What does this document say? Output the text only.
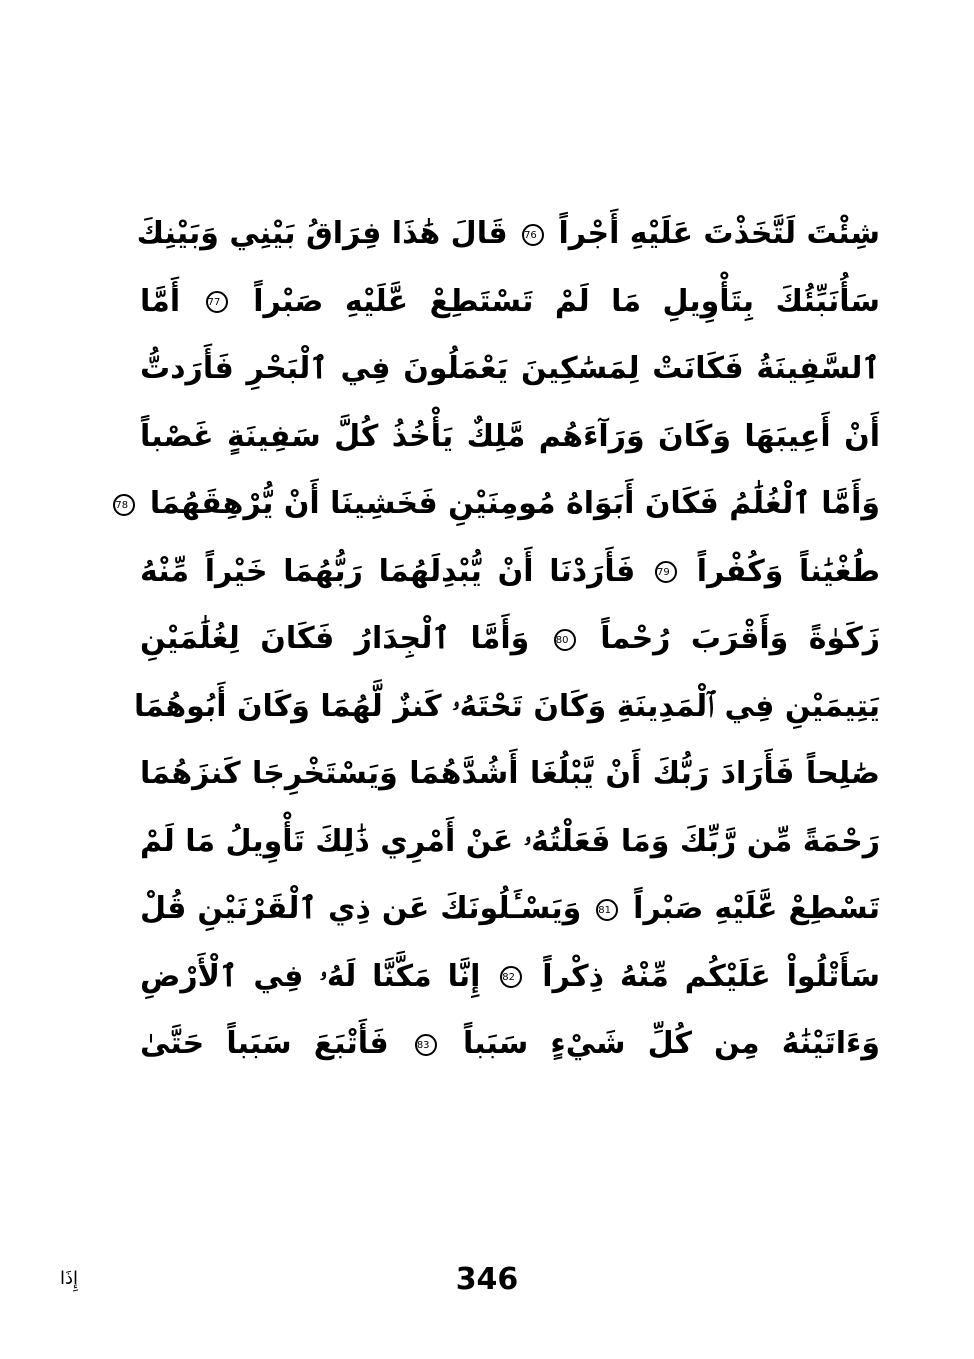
شِئْتَ لَتَّخَذْتَ عَلَيْهِ أَجْراً 76 قَالَ هَٰذَا فِرَاقُ بَيْنِي وَبَيْنِكَ
سَأُنَبِّئُكَ بِتَأْوِيلِ مَا لَمْ تَسْتَطِعْ عَّلَيْهِ صَبْراً 77 أَمَّا
ٱلسَّفِينَةُ فَكَانَتْ لِمَسَٰكِينَ يَعْمَلُونَ فِي ٱلْبَحْرِ فَأَرَدتُّ
أَنْ أَعِيبَهَا وَكَانَ وَرَآءَهُم مَّلِكٌ يَأْخُذُ كُلَّ سَفِينَةٍ غَصْباً
وَأَمَّا ٱلْغُلَٰمُ فَكَانَ أَبَوَاهُ مُومِنَيْنِ فَخَشِينَا أَنْ يُّرْهِقَهُمَا 78
طُغْيَٰناً وَكُفْراً 79 فَأَرَدْنَا أَنْ يُّبْدِلَهُمَا رَبُّهُمَا خَيْراً مِّنْهُ
زَكَوٰةً وَأَقْرَبَ رُحْماً 80 وَأَمَّا ٱلْجِدَارُ فَكَانَ لِغُلَٰمَيْنِ
يَتِيمَيْنِ فِي ٱلْمَدِينَةِ وَكَانَ تَحْتَهُۥ كَنزٌ لَّهُمَا وَكَانَ أَبُوهُمَا
صَٰلِحاً فَأَرَادَ رَبُّكَ أَنْ يَّبْلُغَا أَشُدَّهُمَا وَيَسْتَخْرِجَا كَنزَهُمَا
رَحْمَةً مِّن رَّبِّكَ وَمَا فَعَلْتُهُۥ عَنْ أَمْرِي ذَٰلِكَ تَأْوِيلُ مَا لَمْ
تَسْطِعْ عَّلَيْهِ صَبْراً 81 وَيَسْـَٔلُونَكَ عَن ذِي ٱلْقَرْنَيْنِ قُلْ
سَأَتْلُواْ عَلَيْكُم مِّنْهُ ذِكْراً 82 إِنَّا مَكَّنَّا لَهُۥ فِي ٱلْأَرْضِ
وَءَاتَيْنَٰهُ مِن كُلِّ شَيْءٍ سَبَباً 83 فَأَتْبَعَ سَبَباً حَتَّىٰ
346
إِذَا
